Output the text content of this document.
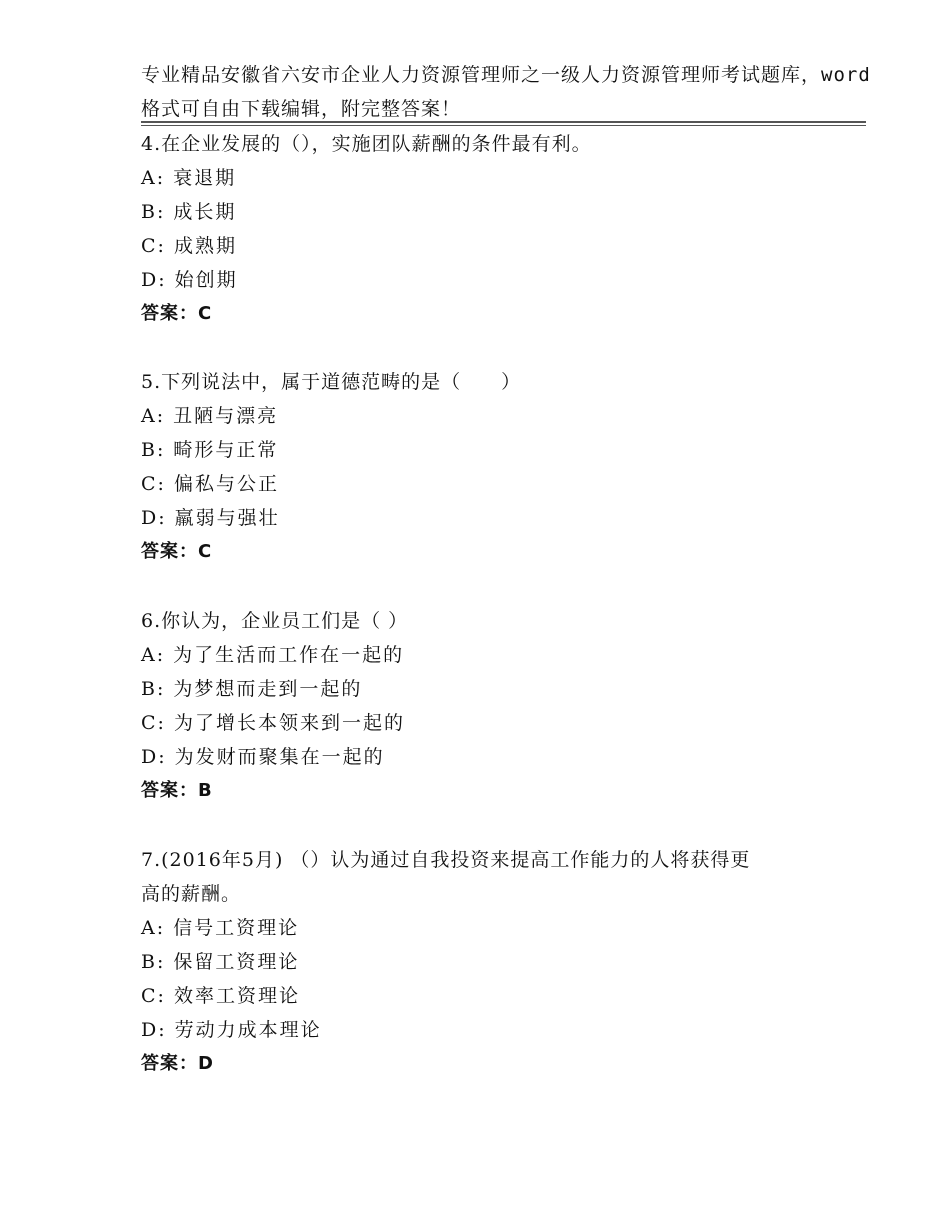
专业精品安徽省六安市企业人力资源管理师之一级人力资源管理师考试题库，word
格式可自由下载编辑，附完整答案！
4.在企业发展的（），实施团队薪酬的条件最有利。
A: 衰退期
B: 成长期
C: 成熟期
D: 始创期
答案：C
5.下列说法中，属于道德范畴的是（　　）
A: 丑陋与漂亮
B: 畸形与正常
C: 偏私与公正
D: 羸弱与强壮
答案：C
6.你认为，企业员工们是（ ）
A: 为了生活而工作在一起的
B: 为梦想而走到一起的
C: 为了增长本领来到一起的
D: 为发财而聚集在一起的
答案：B
7.(2016年5月) （）认为通过自我投资来提高工作能力的人将获得更
高的薪酬。
A: 信号工资理论
B: 保留工资理论
C: 效率工资理论
D: 劳动力成本理论
答案：D
